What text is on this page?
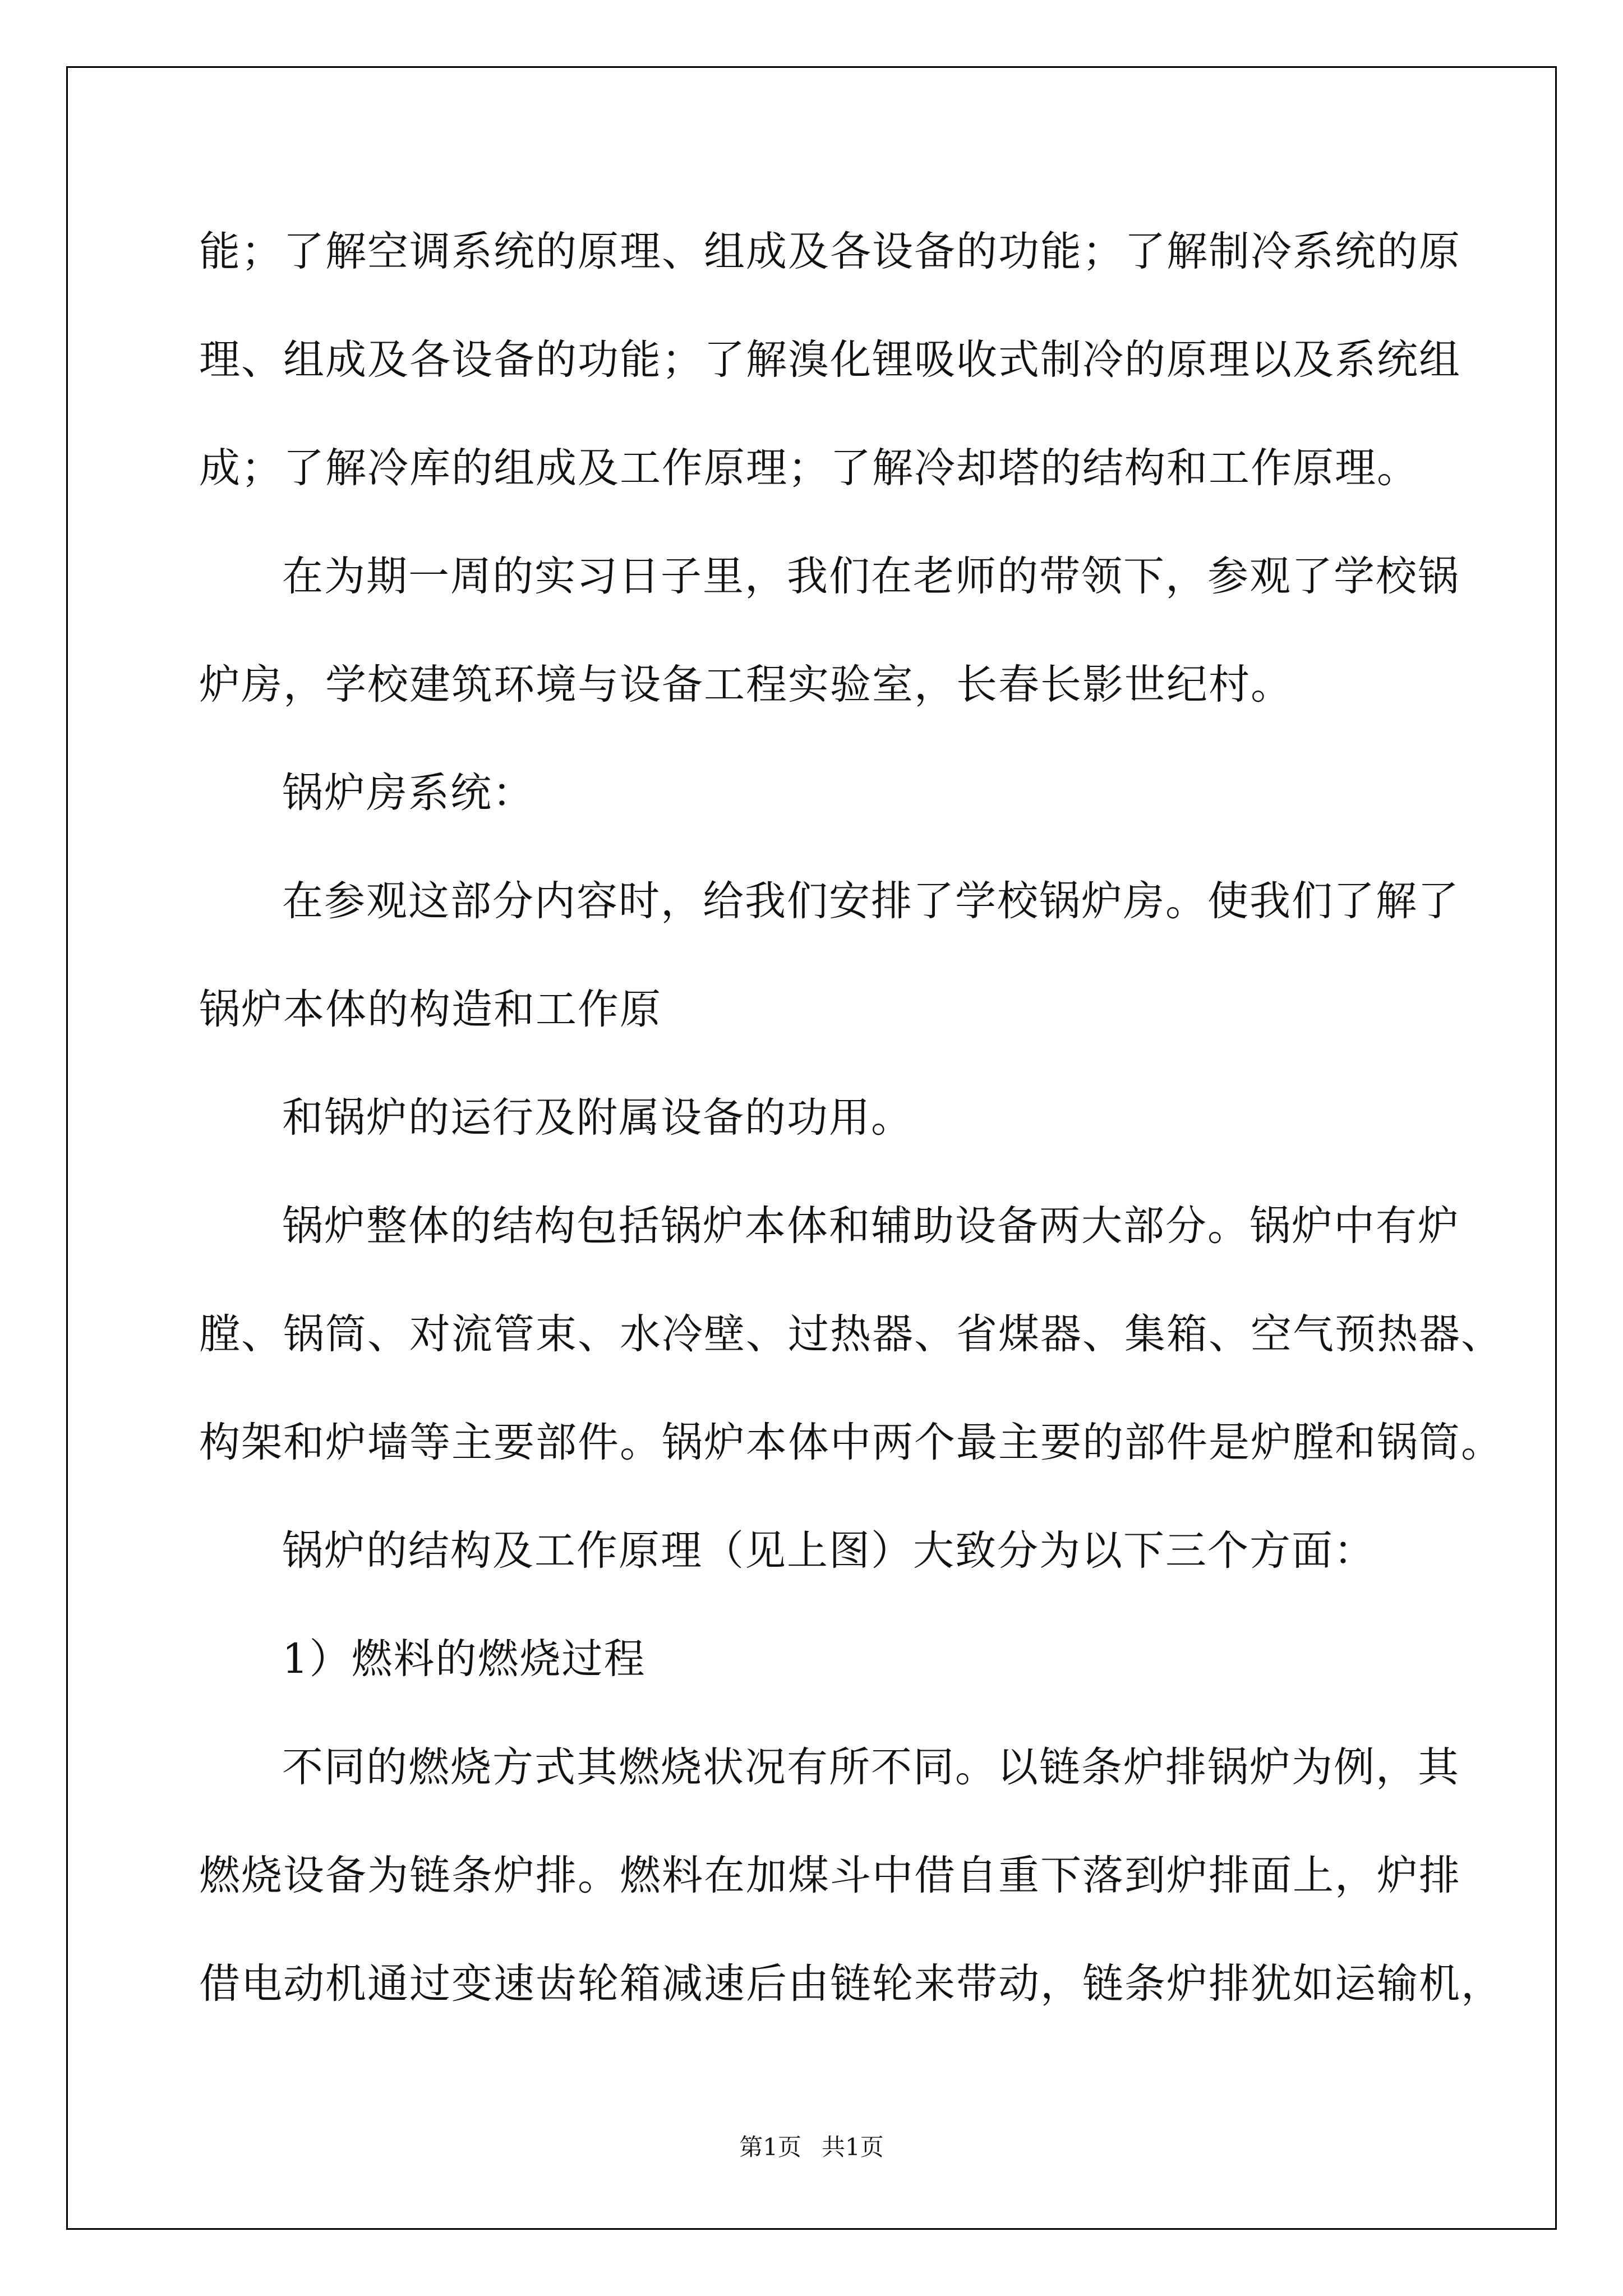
能；了解空调系统的原理、组成及各设备的功能；了解制冷系统的原
理、组成及各设备的功能；了解溴化锂吸收式制冷的原理以及系统组
成；了解冷库的组成及工作原理；了解冷却塔的结构和工作原理。
在为期一周的实习日子里，我们在老师的带领下，参观了学校锅
炉房，学校建筑环境与设备工程实验室，长春长影世纪村。
锅炉房系统：
在参观这部分内容时，给我们安排了学校锅炉房。使我们了解了
锅炉本体的构造和工作原
和锅炉的运行及附属设备的功用。
锅炉整体的结构包括锅炉本体和辅助设备两大部分。锅炉中有炉
膛、锅筒、对流管束、水冷壁、过热器、省煤器、集箱、空气预热器、
构架和炉墙等主要部件。锅炉本体中两个最主要的部件是炉膛和锅筒。
锅炉的结构及工作原理（见上图）大致分为以下三个方面：
1）燃料的燃烧过程
不同的燃烧方式其燃烧状况有所不同。以链条炉排锅炉为例，其
燃烧设备为链条炉排。燃料在加煤斗中借自重下落到炉排面上，炉排
借电动机通过变速齿轮箱减速后由链轮来带动，链条炉排犹如运输机，
第1页 共1页
